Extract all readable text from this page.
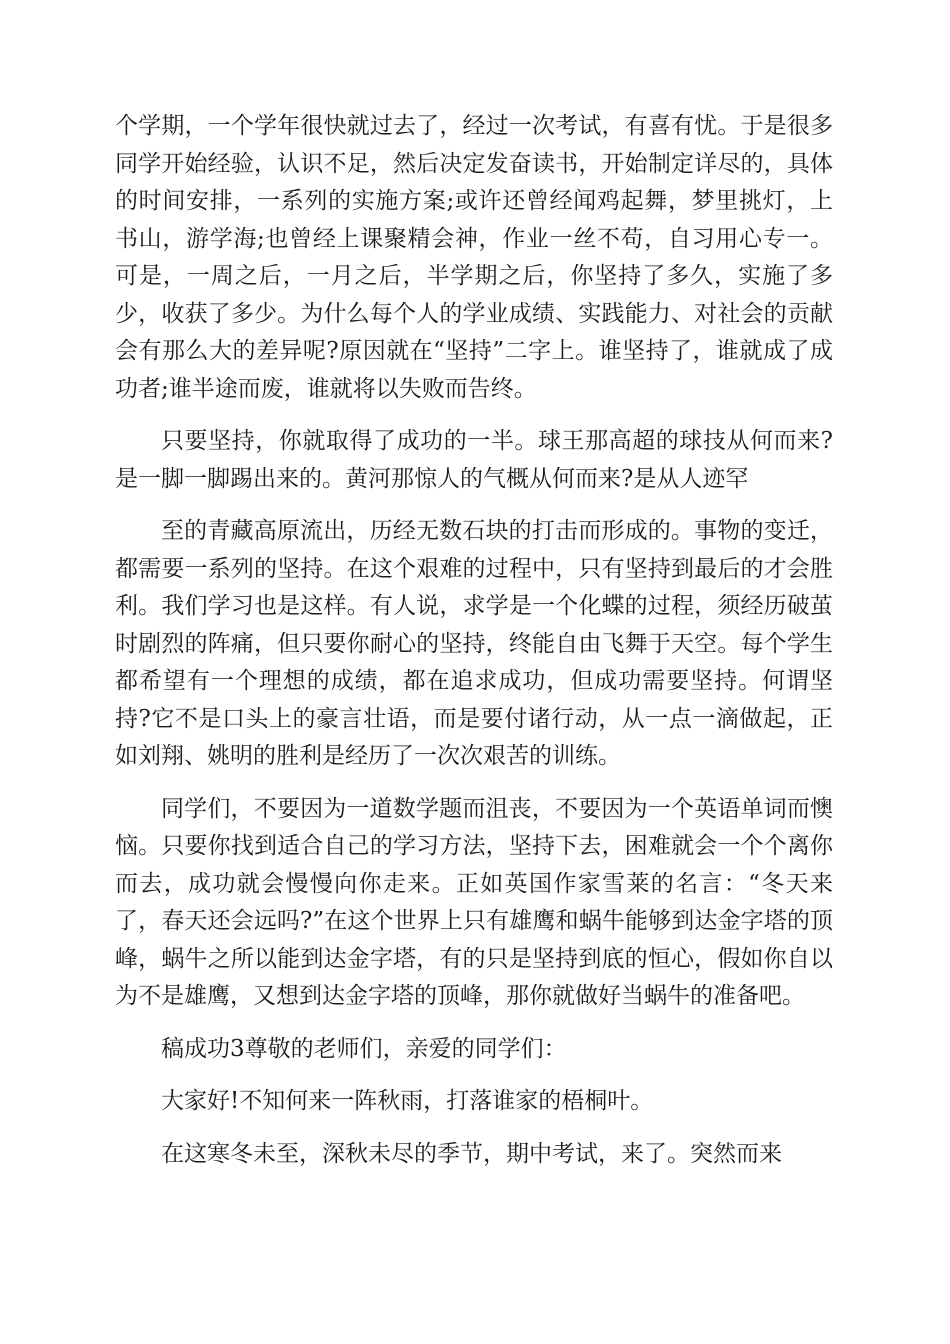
个学期，一个学年很快就过去了，经过一次考试，有喜有忧。于是很多同学开始经验，认识不足，然后决定发奋读书，开始制定详尽的，具体的时间安排，一系列的实施方案;或许还曾经闻鸡起舞，梦里挑灯，上书山，游学海;也曾经上课聚精会神，作业一丝不苟，自习用心专一。可是，一周之后，一月之后，半学期之后，你坚持了多久，实施了多少，收获了多少。为什么每个人的学业成绩、实践能力、对社会的贡献会有那么大的差异呢?原因就在“坚持”二字上。谁坚持了，谁就成了成功者;谁半途而废，谁就将以失败而告终。

只要坚持，你就取得了成功的一半。球王那高超的球技从何而来?是一脚一脚踢出来的。黄河那惊人的气概从何而来?是从人迹罕

至的青藏高原流出，历经无数石块的打击而形成的。事物的变迁，都需要一系列的坚持。在这个艰难的过程中，只有坚持到最后的才会胜利。我们学习也是这样。有人说，求学是一个化蝶的过程，须经历破茧时剧烈的阵痛，但只要你耐心的坚持，终能自由飞舞于天空。每个学生都希望有一个理想的成绩，都在追求成功，但成功需要坚持。何谓坚持?它不是口头上的豪言壮语，而是要付诸行动，从一点一滴做起，正如刘翔、姚明的胜利是经历了一次次艰苦的训练。

同学们，不要因为一道数学题而沮丧，不要因为一个英语单词而懊恼。只要你找到适合自己的学习方法，坚持下去，困难就会一个个离你而去，成功就会慢慢向你走来。正如英国作家雪莱的名言：“冬天来了，春天还会远吗?”在这个世界上只有雄鹰和蜗牛能够到达金字塔的顶峰，蜗牛之所以能到达金字塔，有的只是坚持到底的恒心，假如你自以为不是雄鹰，又想到达金字塔的顶峰，那你就做好当蜗牛的准备吧。

稿成功3尊敬的老师们，亲爱的同学们：

大家好!不知何来一阵秋雨，打落谁家的梧桐叶。

在这寒冬未至，深秋未尽的季节，期中考试，来了。突然而来
